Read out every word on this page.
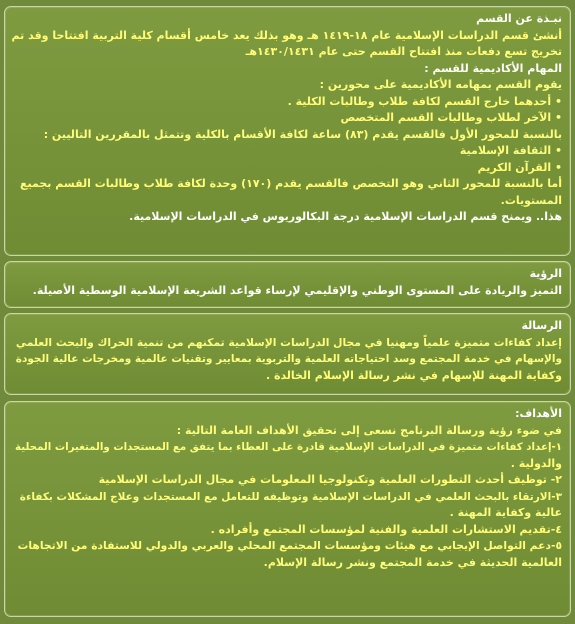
نبـذة عن القسم
أنشئ قسم الدراسات الإسلامية عام ١٨-١٤١٩ هـ وهو بذلك يعد خامس أقسام كلية التربية افتتاحا وقد تم
تخريج تسع دفعات منذ افتتاح القسم حتى عام ١٤٣٠/١٤٣١هـ
المهام الأكاديمية للقسم :
يقوم القسم بمهامه الأكاديمية على محورين :
• أحدهما خارج القسم لكافة طلاب وطالبات الكلية .
• الآخر لطلاب وطالبات القسم المتخصص
بالنسبة للمحور الأول فالقسم يقدم (٨٣) ساعة لكافة الأقسام بالكلية وتتمثل بالمقررين التاليين :
• الثقافة الإسلامية
• القرآن الكريم
أما بالنسبة للمحور الثاني وهو التخصص فالقسم يقدم (١٧٠) وحدة لكافة طلاب وطالبات القسم بجميع
المستويات.
هذا.. ويمنح قسم الدراسات الإسلامية درجة البكالوريوس في الدراسات الإسلامية.
الرؤية
التميز والريادة على المستوى الوطني والإقليمي لإرساء قواعد الشريعة الإسلامية الوسطية الأصيلة.
الرسالة
إعداد كفاءات متميزة علمياً ومهنيا في مجال الدراسات الإسلامية تمكنهم من تنمية الحراك والبحث العلمي
والإسهام في خدمة المجتمع وسد احتياجاته العلمية والتربوية بمعايير وتقنيات عالمية ومخرجات عالية الجودة
وكفاية المهنة للإسهام في نشر رسالة الإسلام الخالدة .
الأهداف:
في ضوء رؤية ورسالة البرنامج نسعى إلى تحقيق الأهداف العامة التالية :
١-إعداد كفاءات متميزة في الدراسات الإسلامية قادرة على العطاء بما يتفق مع المستجدات والمتغيرات المحلية
والدولية .
٢- توظيف أحدث التطورات العلمية وتكنولوجيا المعلومات في مجال الدراسات الإسلامية
٣-الارتقاء بالبحث العلمي في الدراسات الإسلامية وتوظيفه للتعامل مع المستجدات وعلاج المشكلات بكفاءة
عالية وكفاية المهنة .
٤-تقديم الاستشارات العلمية والفنية لمؤسسات المجتمع وأفراده .
٥-دعم التواصل الإيجابي مع هيئات ومؤسسات المجتمع المحلي والعربي والدولي للاستفادة من الاتجاهات
العالمية الحديثة في خدمة المجتمع ونشر رسالة الإسلام.
